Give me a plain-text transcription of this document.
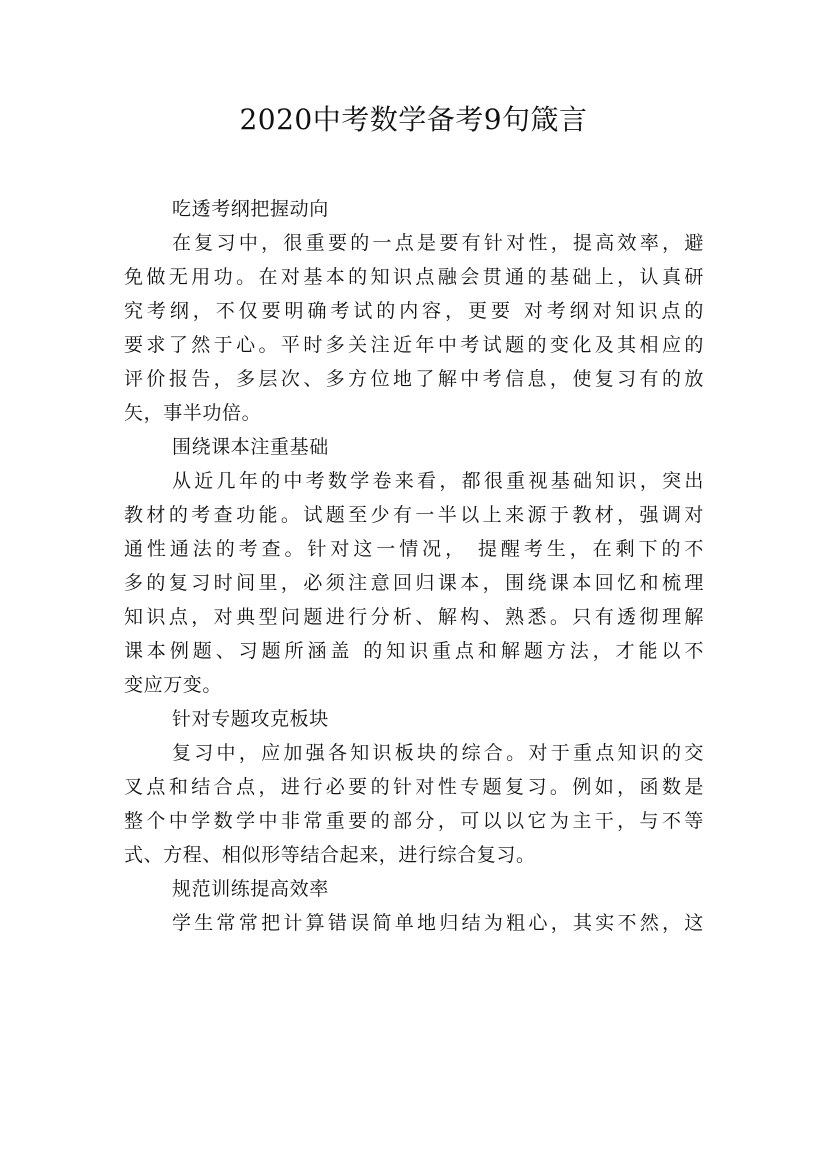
2020中考数学备考9句箴言
吃透考纲把握动向
在复习中，很重要的一点是要有针对性，提高效率，避
免做无用功。在对基本的知识点融会贯通的基础上，认真研
究考纲，不仅要明确考试的内容，更要 对考纲对知识点的
要求了然于心。平时多关注近年中考试题的变化及其相应的
评价报告，多层次、多方位地了解中考信息，使复习有的放
矢，事半功倍。
围绕课本注重基础
从近几年的中考数学卷来看，都很重视基础知识，突出
教材的考查功能。试题至少有一半以上来源于教材，强调对
通性通法的考查。针对这一情况， 提醒考生，在剩下的不
多的复习时间里，必须注意回归课本，围绕课本回忆和梳理
知识点，对典型问题进行分析、解构、熟悉。只有透彻理解
课本例题、习题所涵盖 的知识重点和解题方法，才能以不
变应万变。
针对专题攻克板块
复习中，应加强各知识板块的综合。对于重点知识的交
叉点和结合点，进行必要的针对性专题复习。例如，函数是
整个中学数学中非常重要的部分，可以以它为主干，与不等
式、方程、相似形等结合起来，进行综合复习。
规范训练提高效率
学生常常把计算错误简单地归结为粗心，其实不然，这
